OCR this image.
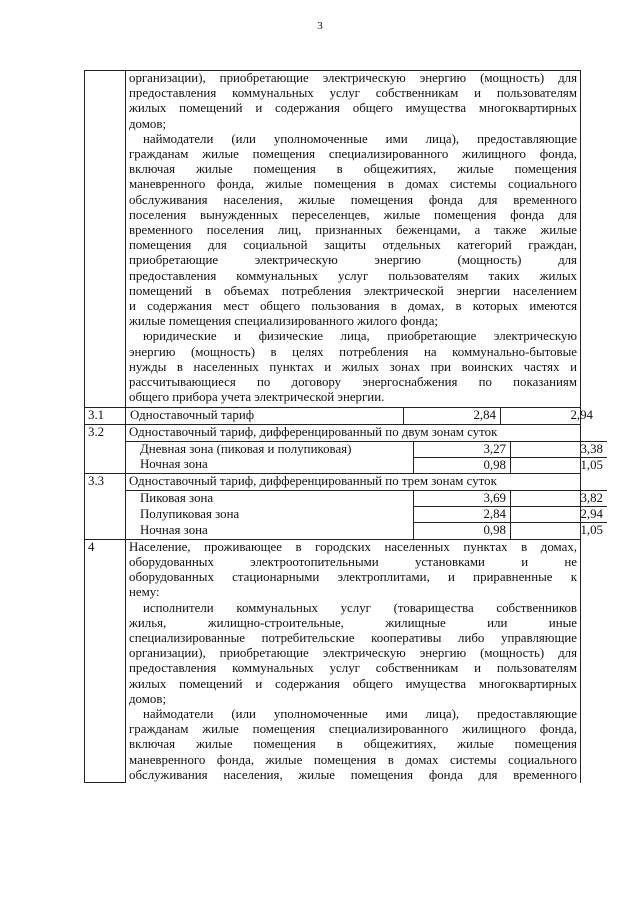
3

организации), приобретающие электрическую энергию (мощность) для
предоставления коммунальных услуг собственникам и пользователям
жилых помещений и содержания общего имущества многоквартирных
домов;
наймодатели (или уполномоченные ими лица), предоставляющие
гражданам жилые помещения специализированного жилищного фонда,
включая жилые помещения в общежитиях, жилые помещения
маневренного фонда, жилые помещения в домах системы социального
обслуживания населения, жилые помещения фонда для временного
поселения вынужденных переселенцев, жилые помещения фонда для
временного поселения лиц, признанных беженцами, а также жилые
помещения для социальной защиты отдельных категорий граждан,
приобретающие электрическую энергию (мощность) для
предоставления коммунальных услуг пользователям таких жилых
помещений в объемах потребления электрической энергии населением
и содержания мест общего пользования в домах, в которых имеются
жилые помещения специализированного жилого фонда;
юридические и физические лица, приобретающие электрическую
энергию (мощность) в целях потребления на коммунально-бытовые
нужды в населенных пунктах и жилых зонах при воинских частях и
рассчитывающиеся по договору энергоснабжения по показаниям
общего прибора учета электрической энергии.

3.1	Одноставочный тариф	2,84	2,94

3.2	Одноставочный тариф, дифференцированный по двум зонам суток
Дневная зона (пиковая и полупиковая)	3,27	3,38
Ночная зона	0,98	1,05

3.3	Одноставочный тариф, дифференцированный по трем зонам суток
Пиковая зона	3,69	3,82
Полупиковая зона	2,84	2,94
Ночная зона	0,98	1,05

4	Население, проживающее в городских населенных пунктах в домах,
оборудованных электроотопительными установками и не
оборудованных стационарными электроплитами, и приравненные к
нему:
исполнители коммунальных услуг (товарищества собственников
жилья, жилищно-строительные, жилищные или иные
специализированные потребительские кооперативы либо управляющие
организации), приобретающие электрическую энергию (мощность) для
предоставления коммунальных услуг собственникам и пользователям
жилых помещений и содержания общего имущества многоквартирных
домов;
наймодатели (или уполномоченные ими лица), предоставляющие
гражданам жилые помещения специализированного жилищного фонда,
включая жилые помещения в общежитиях, жилые помещения
маневренного фонда, жилые помещения в домах системы социального
обслуживания населения, жилые помещения фонда для временного
